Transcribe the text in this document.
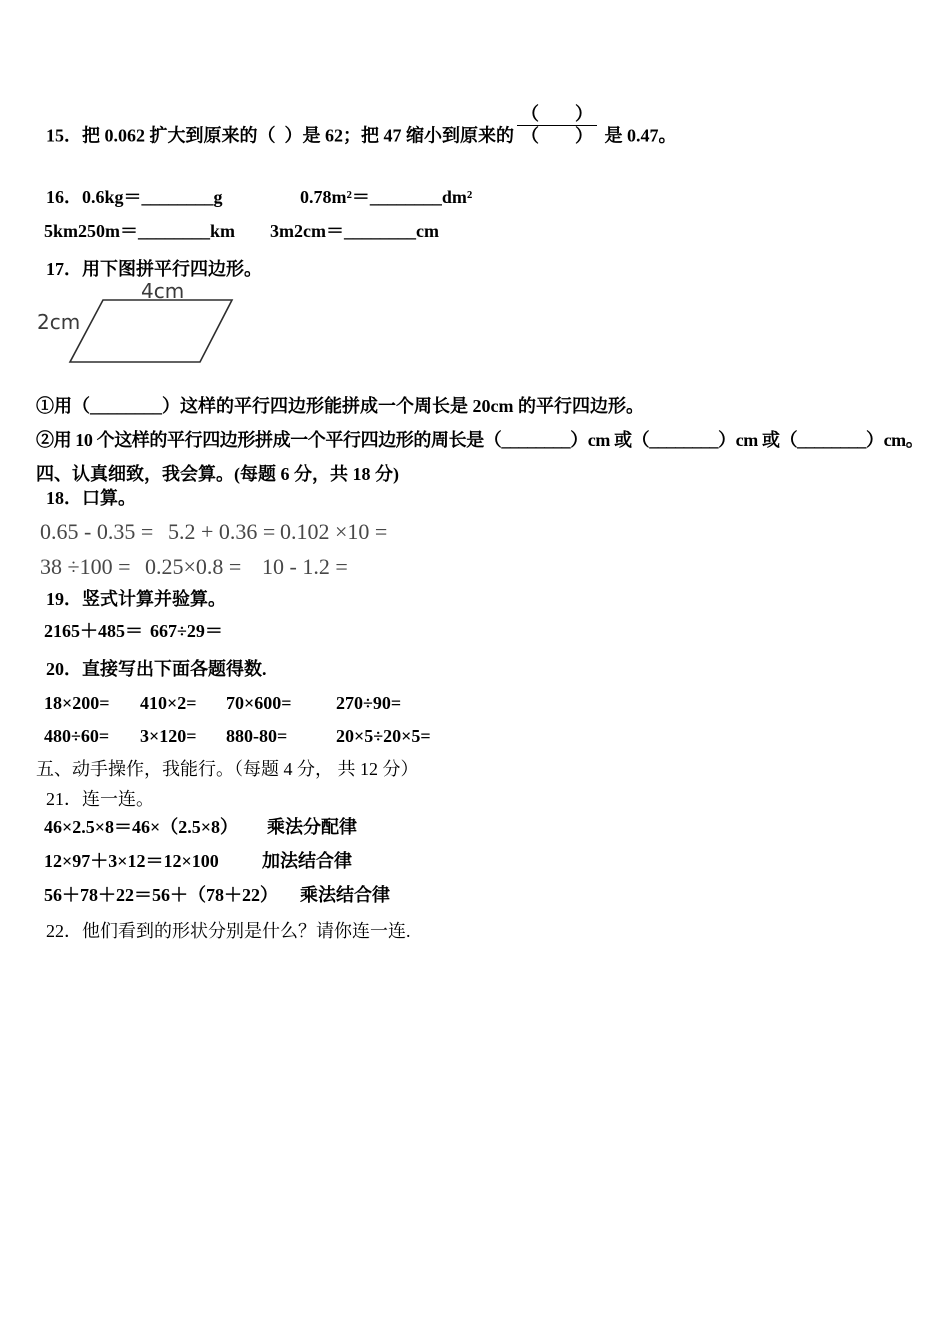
15．把 0.062 扩大到原来的（  ）是 62；把 47 缩小到原来的 $\frac{( )}{( )}$ 是 0.47。
16．0.6kg＝________g	0.78m²＝________dm²
5km250m＝________km	3m2cm＝________cm
17．用下图拼平行四边形。
4cm
2cm
①用（________）这样的平行四边形能拼成一个周长是 20cm 的平行四边形。
②用 10 个这样的平行四边形拼成一个平行四边形的周长是（________）cm 或（________）cm 或（________）cm。
四、认真细致，我会算。(每题 6 分，共 18 分)
18．口算。
0.65 - 0.35 = 5.2 + 0.36 = 0.102 ×10 =
38 ÷100 = 0.25×0.8 = 10 - 1.2 =
19．竖式计算并验算。
2165＋485＝ 667÷29＝
20．直接写出下面各题得数.
18×200=	410×2=	70×600=	270÷90=
480÷60=	3×120=	880-80=	20×5÷20×5=
五、动手操作，我能行。（每题 4 分， 共 12 分）
21．连一连。
46×2.5×8＝46×（2.5×8）	乘法分配律
12×97＋3×12＝12×100	加法结合律
56＋78＋22＝56＋（78＋22）	乘法结合律
22．他们看到的形状分别是什么？请你连一连.
